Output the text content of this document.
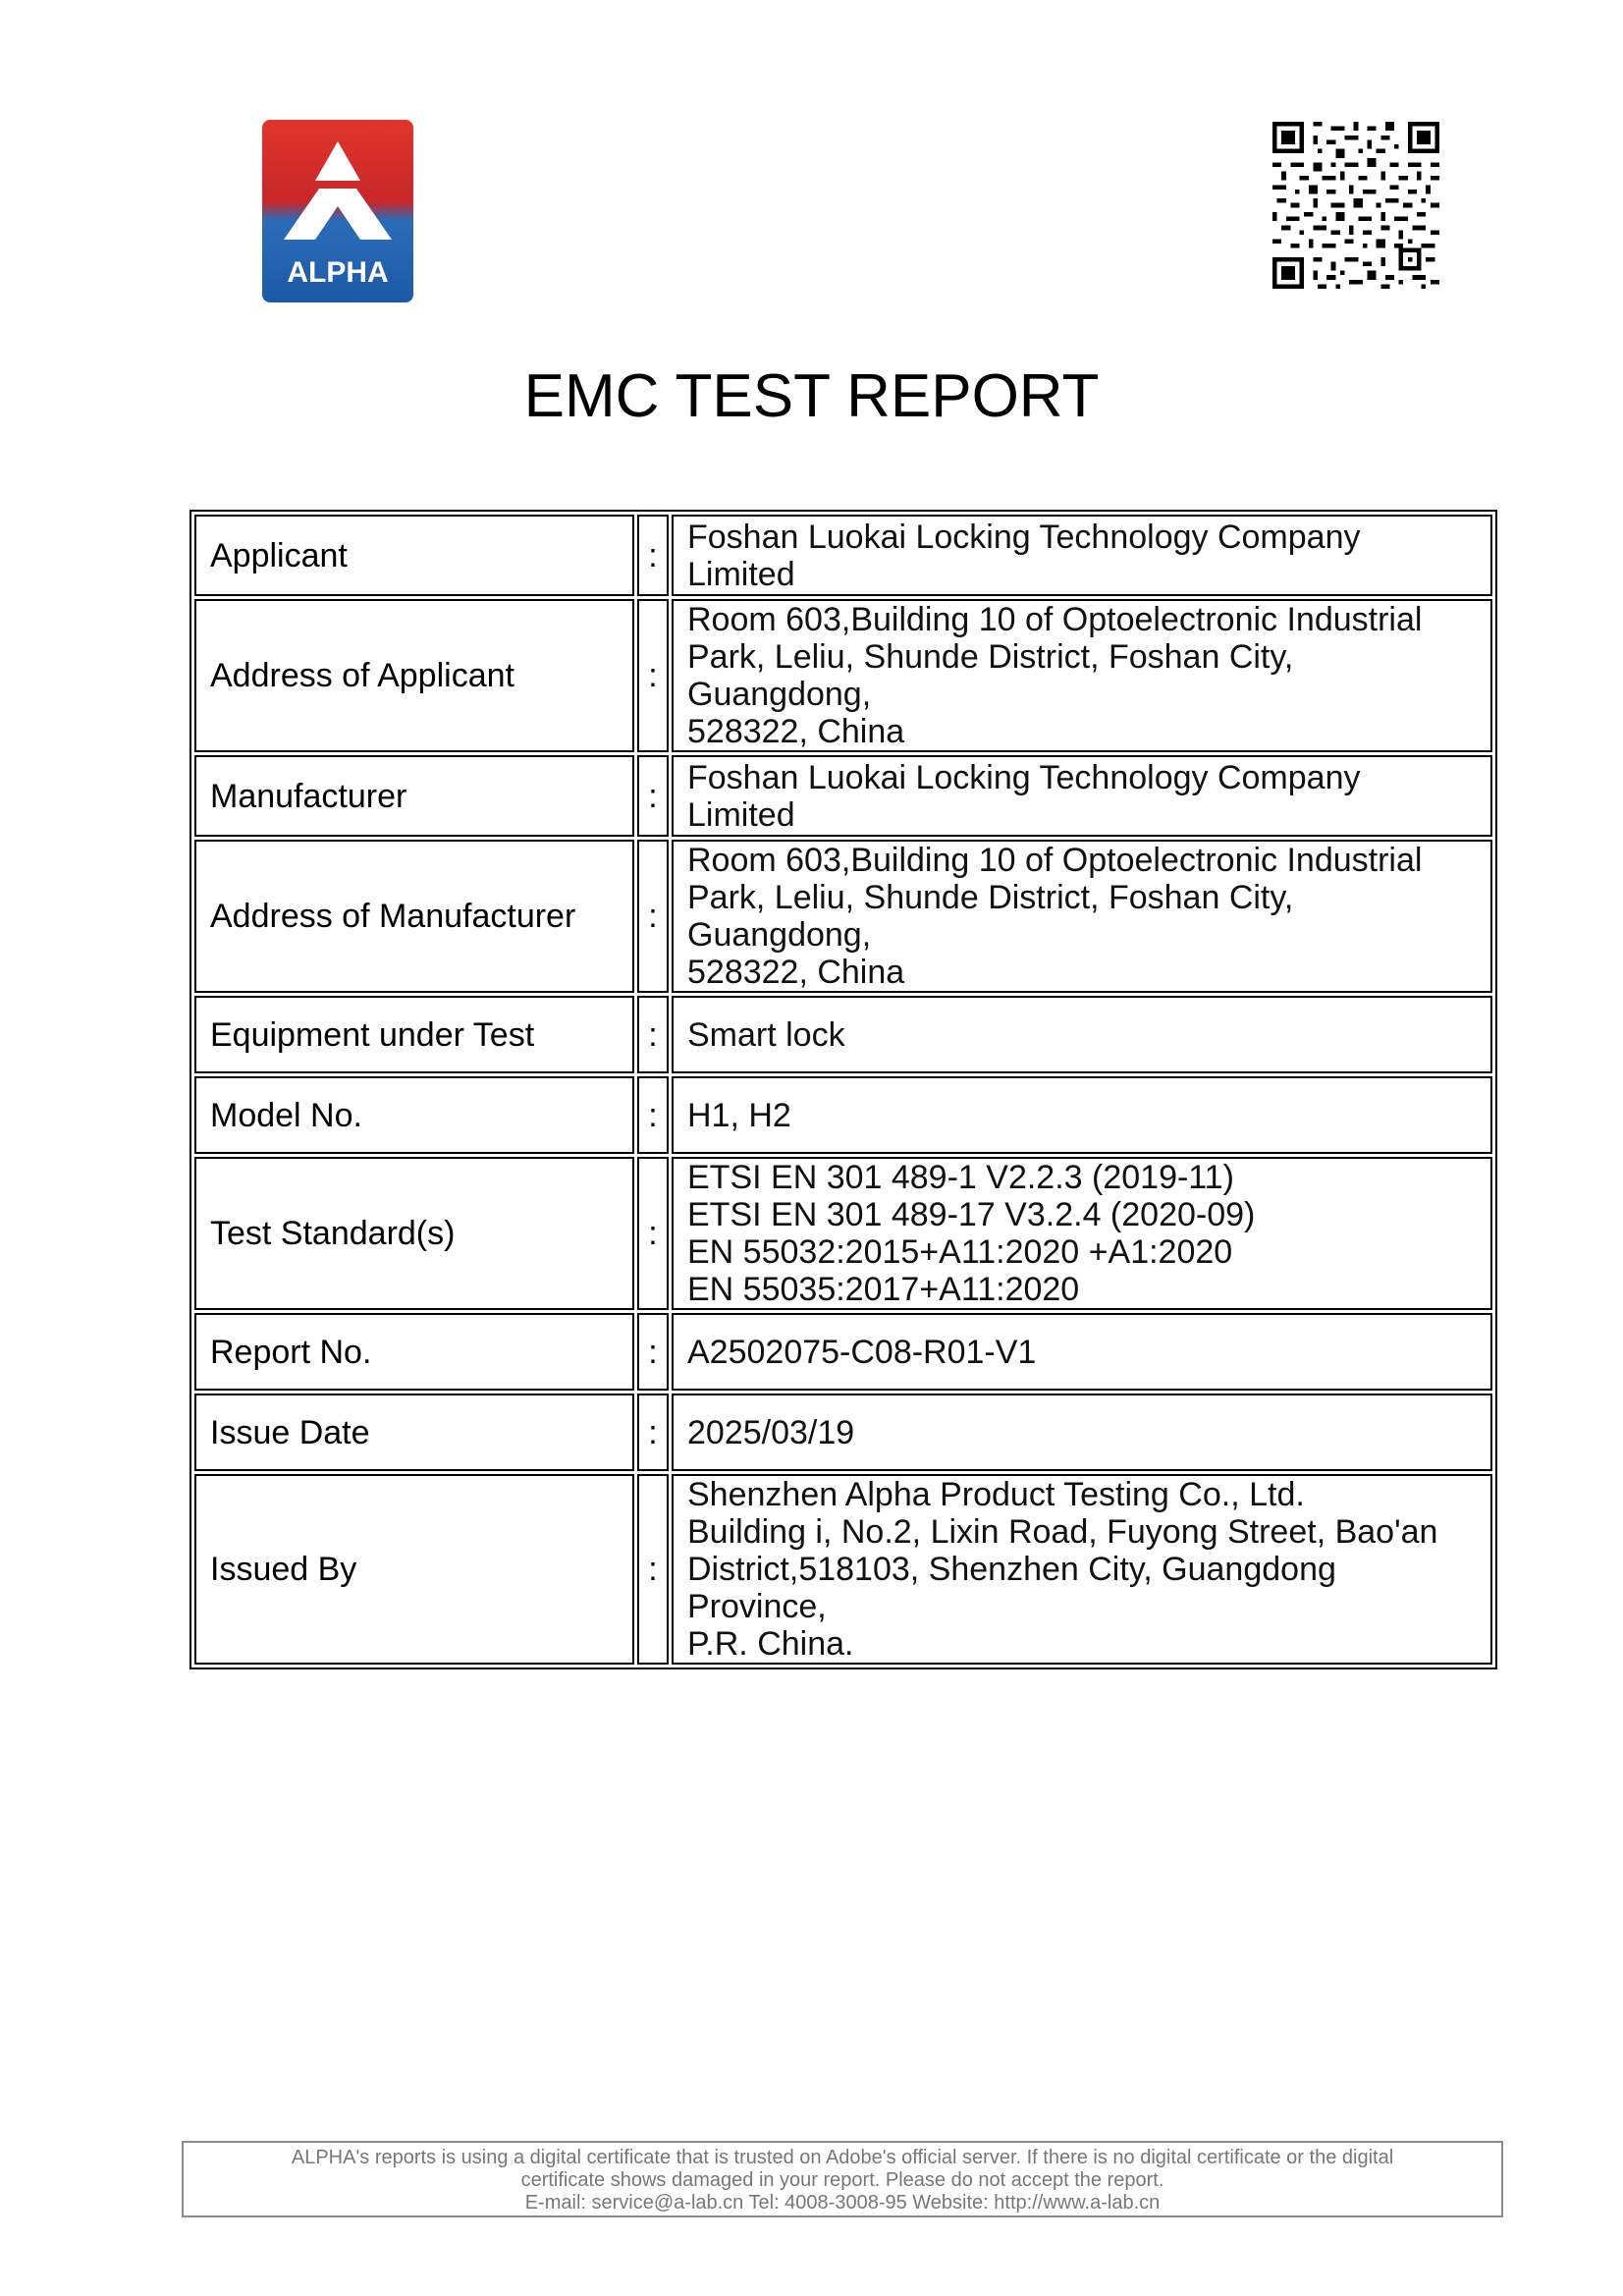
ALPHA
EMC TEST REPORT
Applicant	:	Foshan Luokai Locking Technology Company Limited

Address of Applicant	:	Room 603,Building 10 of Optoelectronic Industrial
Park, Leliu, Shunde District, Foshan City, Guangdong,
528322, China

Manufacturer	:	Foshan Luokai Locking Technology Company Limited

Address of Manufacturer	:	Room 603,Building 10 of Optoelectronic Industrial
Park, Leliu, Shunde District, Foshan City, Guangdong,
528322, China

Equipment under Test	:	Smart lock

Model No.	:	H1, H2

Test Standard(s)	:	ETSI EN 301 489-1 V2.2.3 (2019-11)
ETSI EN 301 489-17 V3.2.4 (2020-09)
EN 55032:2015+A11:2020 +A1:2020
EN 55035:2017+A11:2020

Report No.	:	A2502075-C08-R01-V1

Issue Date	:	2025/03/19

Issued By	:	Shenzhen Alpha Product Testing Co., Ltd.
Building i, No.2, Lixin Road, Fuyong Street, Bao'an
District,518103, Shenzhen City, Guangdong Province,
P.R. China.
ALPHA's reports is using a digital certificate that is trusted on Adobe's official server. If there is no digital certificate or the digital
certificate shows damaged in your report. Please do not accept the report.
E-mail: service@a-lab.cn Tel: 4008-3008-95 Website: http://www.a-lab.cn
